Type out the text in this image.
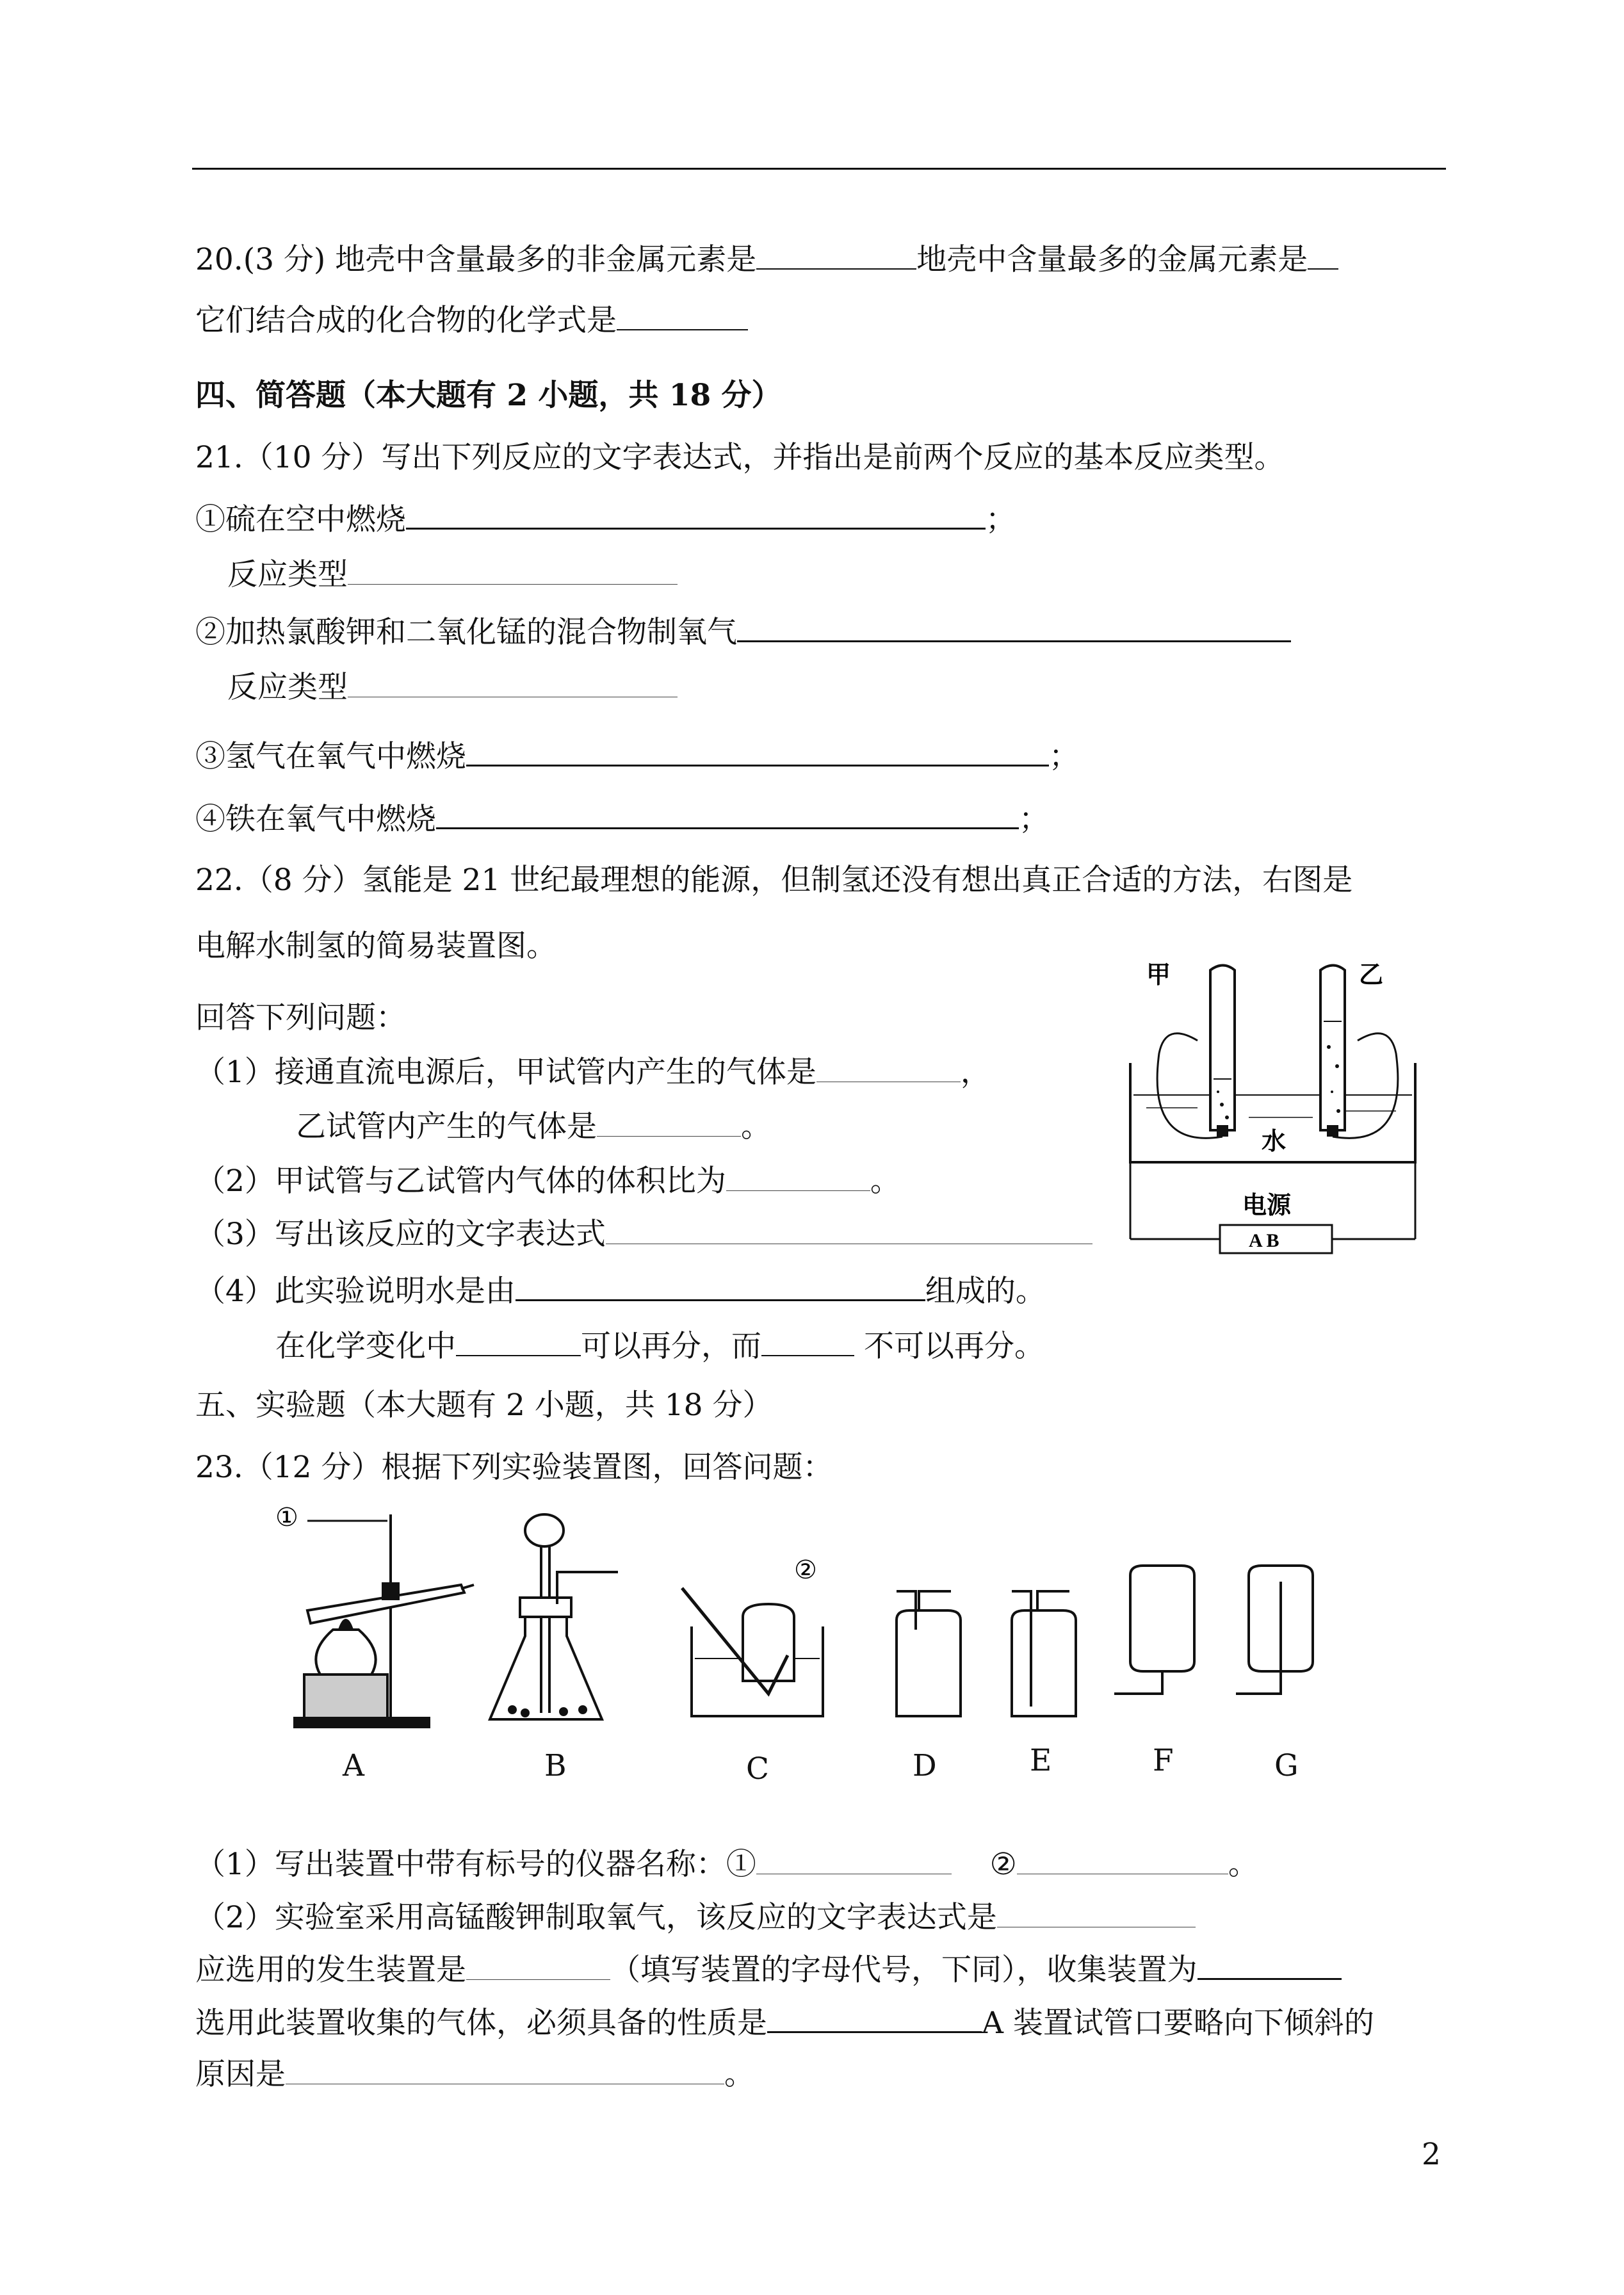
20.(3 分) 地壳中含量最多的非金属元素是	地壳中含量最多的金属元素是
它们结合成的化合物的化学式是
四、简答题（本大题有 2 小题，共 18 分）
21.（10 分）写出下列反应的文字表达式，并指出是前两个反应的基本反应类型。
①硫在空中燃烧	；
反应类型
②加热氯酸钾和二氧化锰的混合物制氧气
反应类型
③氢气在氧气中燃烧	；
④铁在氧气中燃烧	；
22.（8 分）氢能是 21 世纪最理想的能源，但制氢还没有想出真正合适的方法，右图是
电解水制氢的简易装置图。
回答下列问题：
（1）接通直流电源后，甲试管内产生的气体是	，
乙试管内产生的气体是	。
（2）甲试管与乙试管内气体的体积比为	。
（3）写出该反应的文字表达式
（4）此实验说明水是由	组成的。
在化学变化中	可以再分，而	不可以再分。
甲	乙
水
电源
A B
五、实验题（本大题有 2 小题，共 18 分）
23.（12 分）根据下列实验装置图，回答问题：
①
②
A	B	C	D	E	F	G
（1）写出装置中带有标号的仪器名称：①	②	。
（2）实验室采用高锰酸钾制取氧气，该反应的文字表达式是
应选用的发生装置是	（填写装置的字母代号，下同），收集装置为
选用此装置收集的气体，必须具备的性质是	A 装置试管口要略向下倾斜的
原因是	。
2
